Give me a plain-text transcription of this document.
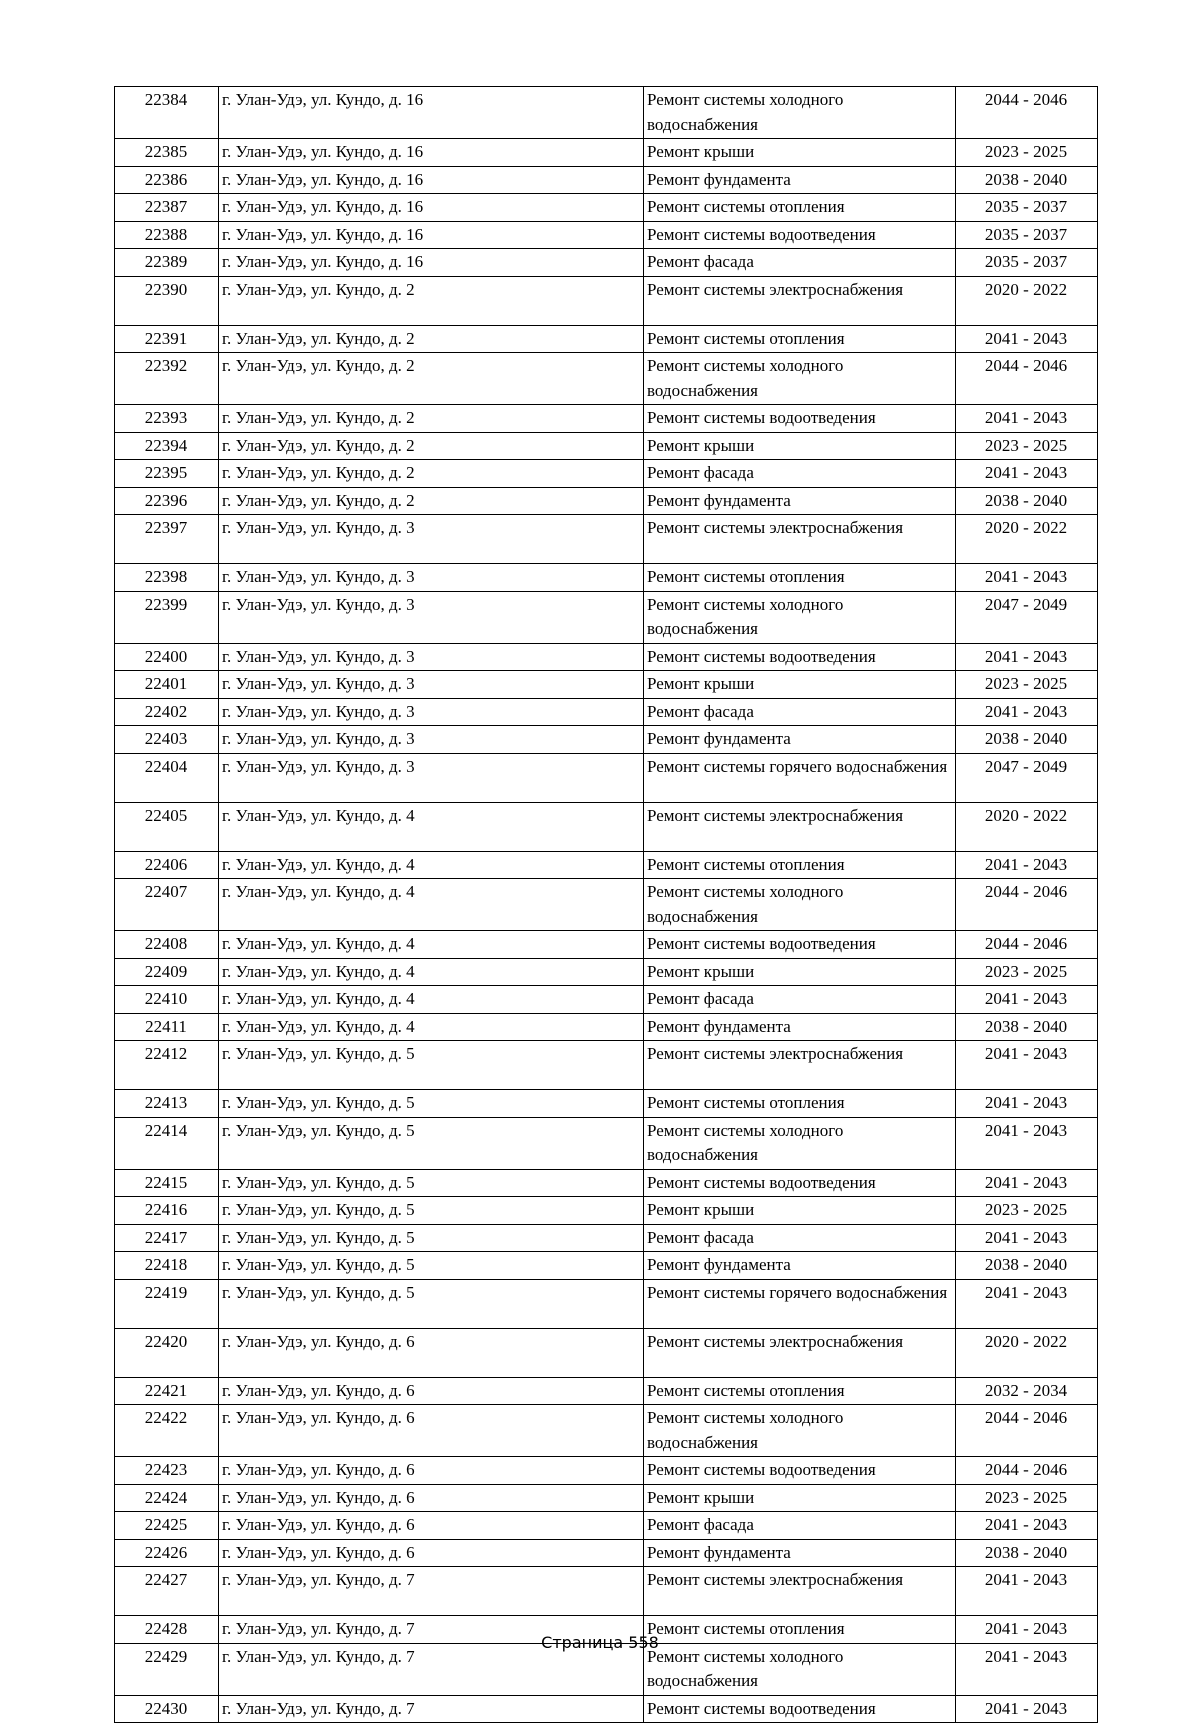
22384	г. Улан-Удэ, ул. Кундо, д. 16	Ремонт системы холодного водоснабжения	2044 - 2046
22385	г. Улан-Удэ, ул. Кундо, д. 16	Ремонт крыши	2023 - 2025
22386	г. Улан-Удэ, ул. Кундо, д. 16	Ремонт фундамента	2038 - 2040
22387	г. Улан-Удэ, ул. Кундо, д. 16	Ремонт системы отопления	2035 - 2037
22388	г. Улан-Удэ, ул. Кундо, д. 16	Ремонт системы водоотведения	2035 - 2037
22389	г. Улан-Удэ, ул. Кундо, д. 16	Ремонт фасада	2035 - 2037
22390	г. Улан-Удэ, ул. Кундо, д. 2	Ремонт системы электроснабжения	2020 - 2022
22391	г. Улан-Удэ, ул. Кундо, д. 2	Ремонт системы отопления	2041 - 2043
22392	г. Улан-Удэ, ул. Кундо, д. 2	Ремонт системы холодного водоснабжения	2044 - 2046
22393	г. Улан-Удэ, ул. Кундо, д. 2	Ремонт системы водоотведения	2041 - 2043
22394	г. Улан-Удэ, ул. Кундо, д. 2	Ремонт крыши	2023 - 2025
22395	г. Улан-Удэ, ул. Кундо, д. 2	Ремонт фасада	2041 - 2043
22396	г. Улан-Удэ, ул. Кундо, д. 2	Ремонт фундамента	2038 - 2040
22397	г. Улан-Удэ, ул. Кундо, д. 3	Ремонт системы электроснабжения	2020 - 2022
22398	г. Улан-Удэ, ул. Кундо, д. 3	Ремонт системы отопления	2041 - 2043
22399	г. Улан-Удэ, ул. Кундо, д. 3	Ремонт системы холодного водоснабжения	2047 - 2049
22400	г. Улан-Удэ, ул. Кундо, д. 3	Ремонт системы водоотведения	2041 - 2043
22401	г. Улан-Удэ, ул. Кундо, д. 3	Ремонт крыши	2023 - 2025
22402	г. Улан-Удэ, ул. Кундо, д. 3	Ремонт фасада	2041 - 2043
22403	г. Улан-Удэ, ул. Кундо, д. 3	Ремонт фундамента	2038 - 2040
22404	г. Улан-Удэ, ул. Кундо, д. 3	Ремонт системы горячего водоснабжения	2047 - 2049
22405	г. Улан-Удэ, ул. Кундо, д. 4	Ремонт системы электроснабжения	2020 - 2022
22406	г. Улан-Удэ, ул. Кундо, д. 4	Ремонт системы отопления	2041 - 2043
22407	г. Улан-Удэ, ул. Кундо, д. 4	Ремонт системы холодного водоснабжения	2044 - 2046
22408	г. Улан-Удэ, ул. Кундо, д. 4	Ремонт системы водоотведения	2044 - 2046
22409	г. Улан-Удэ, ул. Кундо, д. 4	Ремонт крыши	2023 - 2025
22410	г. Улан-Удэ, ул. Кундо, д. 4	Ремонт фасада	2041 - 2043
22411	г. Улан-Удэ, ул. Кундо, д. 4	Ремонт фундамента	2038 - 2040
22412	г. Улан-Удэ, ул. Кундо, д. 5	Ремонт системы электроснабжения	2041 - 2043
22413	г. Улан-Удэ, ул. Кундо, д. 5	Ремонт системы отопления	2041 - 2043
22414	г. Улан-Удэ, ул. Кундо, д. 5	Ремонт системы холодного водоснабжения	2041 - 2043
22415	г. Улан-Удэ, ул. Кундо, д. 5	Ремонт системы водоотведения	2041 - 2043
22416	г. Улан-Удэ, ул. Кундо, д. 5	Ремонт крыши	2023 - 2025
22417	г. Улан-Удэ, ул. Кундо, д. 5	Ремонт фасада	2041 - 2043
22418	г. Улан-Удэ, ул. Кундо, д. 5	Ремонт фундамента	2038 - 2040
22419	г. Улан-Удэ, ул. Кундо, д. 5	Ремонт системы горячего водоснабжения	2041 - 2043
22420	г. Улан-Удэ, ул. Кундо, д. 6	Ремонт системы электроснабжения	2020 - 2022
22421	г. Улан-Удэ, ул. Кундо, д. 6	Ремонт системы отопления	2032 - 2034
22422	г. Улан-Удэ, ул. Кундо, д. 6	Ремонт системы холодного водоснабжения	2044 - 2046
22423	г. Улан-Удэ, ул. Кундо, д. 6	Ремонт системы водоотведения	2044 - 2046
22424	г. Улан-Удэ, ул. Кундо, д. 6	Ремонт крыши	2023 - 2025
22425	г. Улан-Удэ, ул. Кундо, д. 6	Ремонт фасада	2041 - 2043
22426	г. Улан-Удэ, ул. Кундо, д. 6	Ремонт фундамента	2038 - 2040
22427	г. Улан-Удэ, ул. Кундо, д. 7	Ремонт системы электроснабжения	2041 - 2043
22428	г. Улан-Удэ, ул. Кундо, д. 7	Ремонт системы отопления	2041 - 2043
22429	г. Улан-Удэ, ул. Кундо, д. 7	Ремонт системы холодного водоснабжения	2041 - 2043
22430	г. Улан-Удэ, ул. Кундо, д. 7	Ремонт системы водоотведения	2041 - 2043
Страница 558
